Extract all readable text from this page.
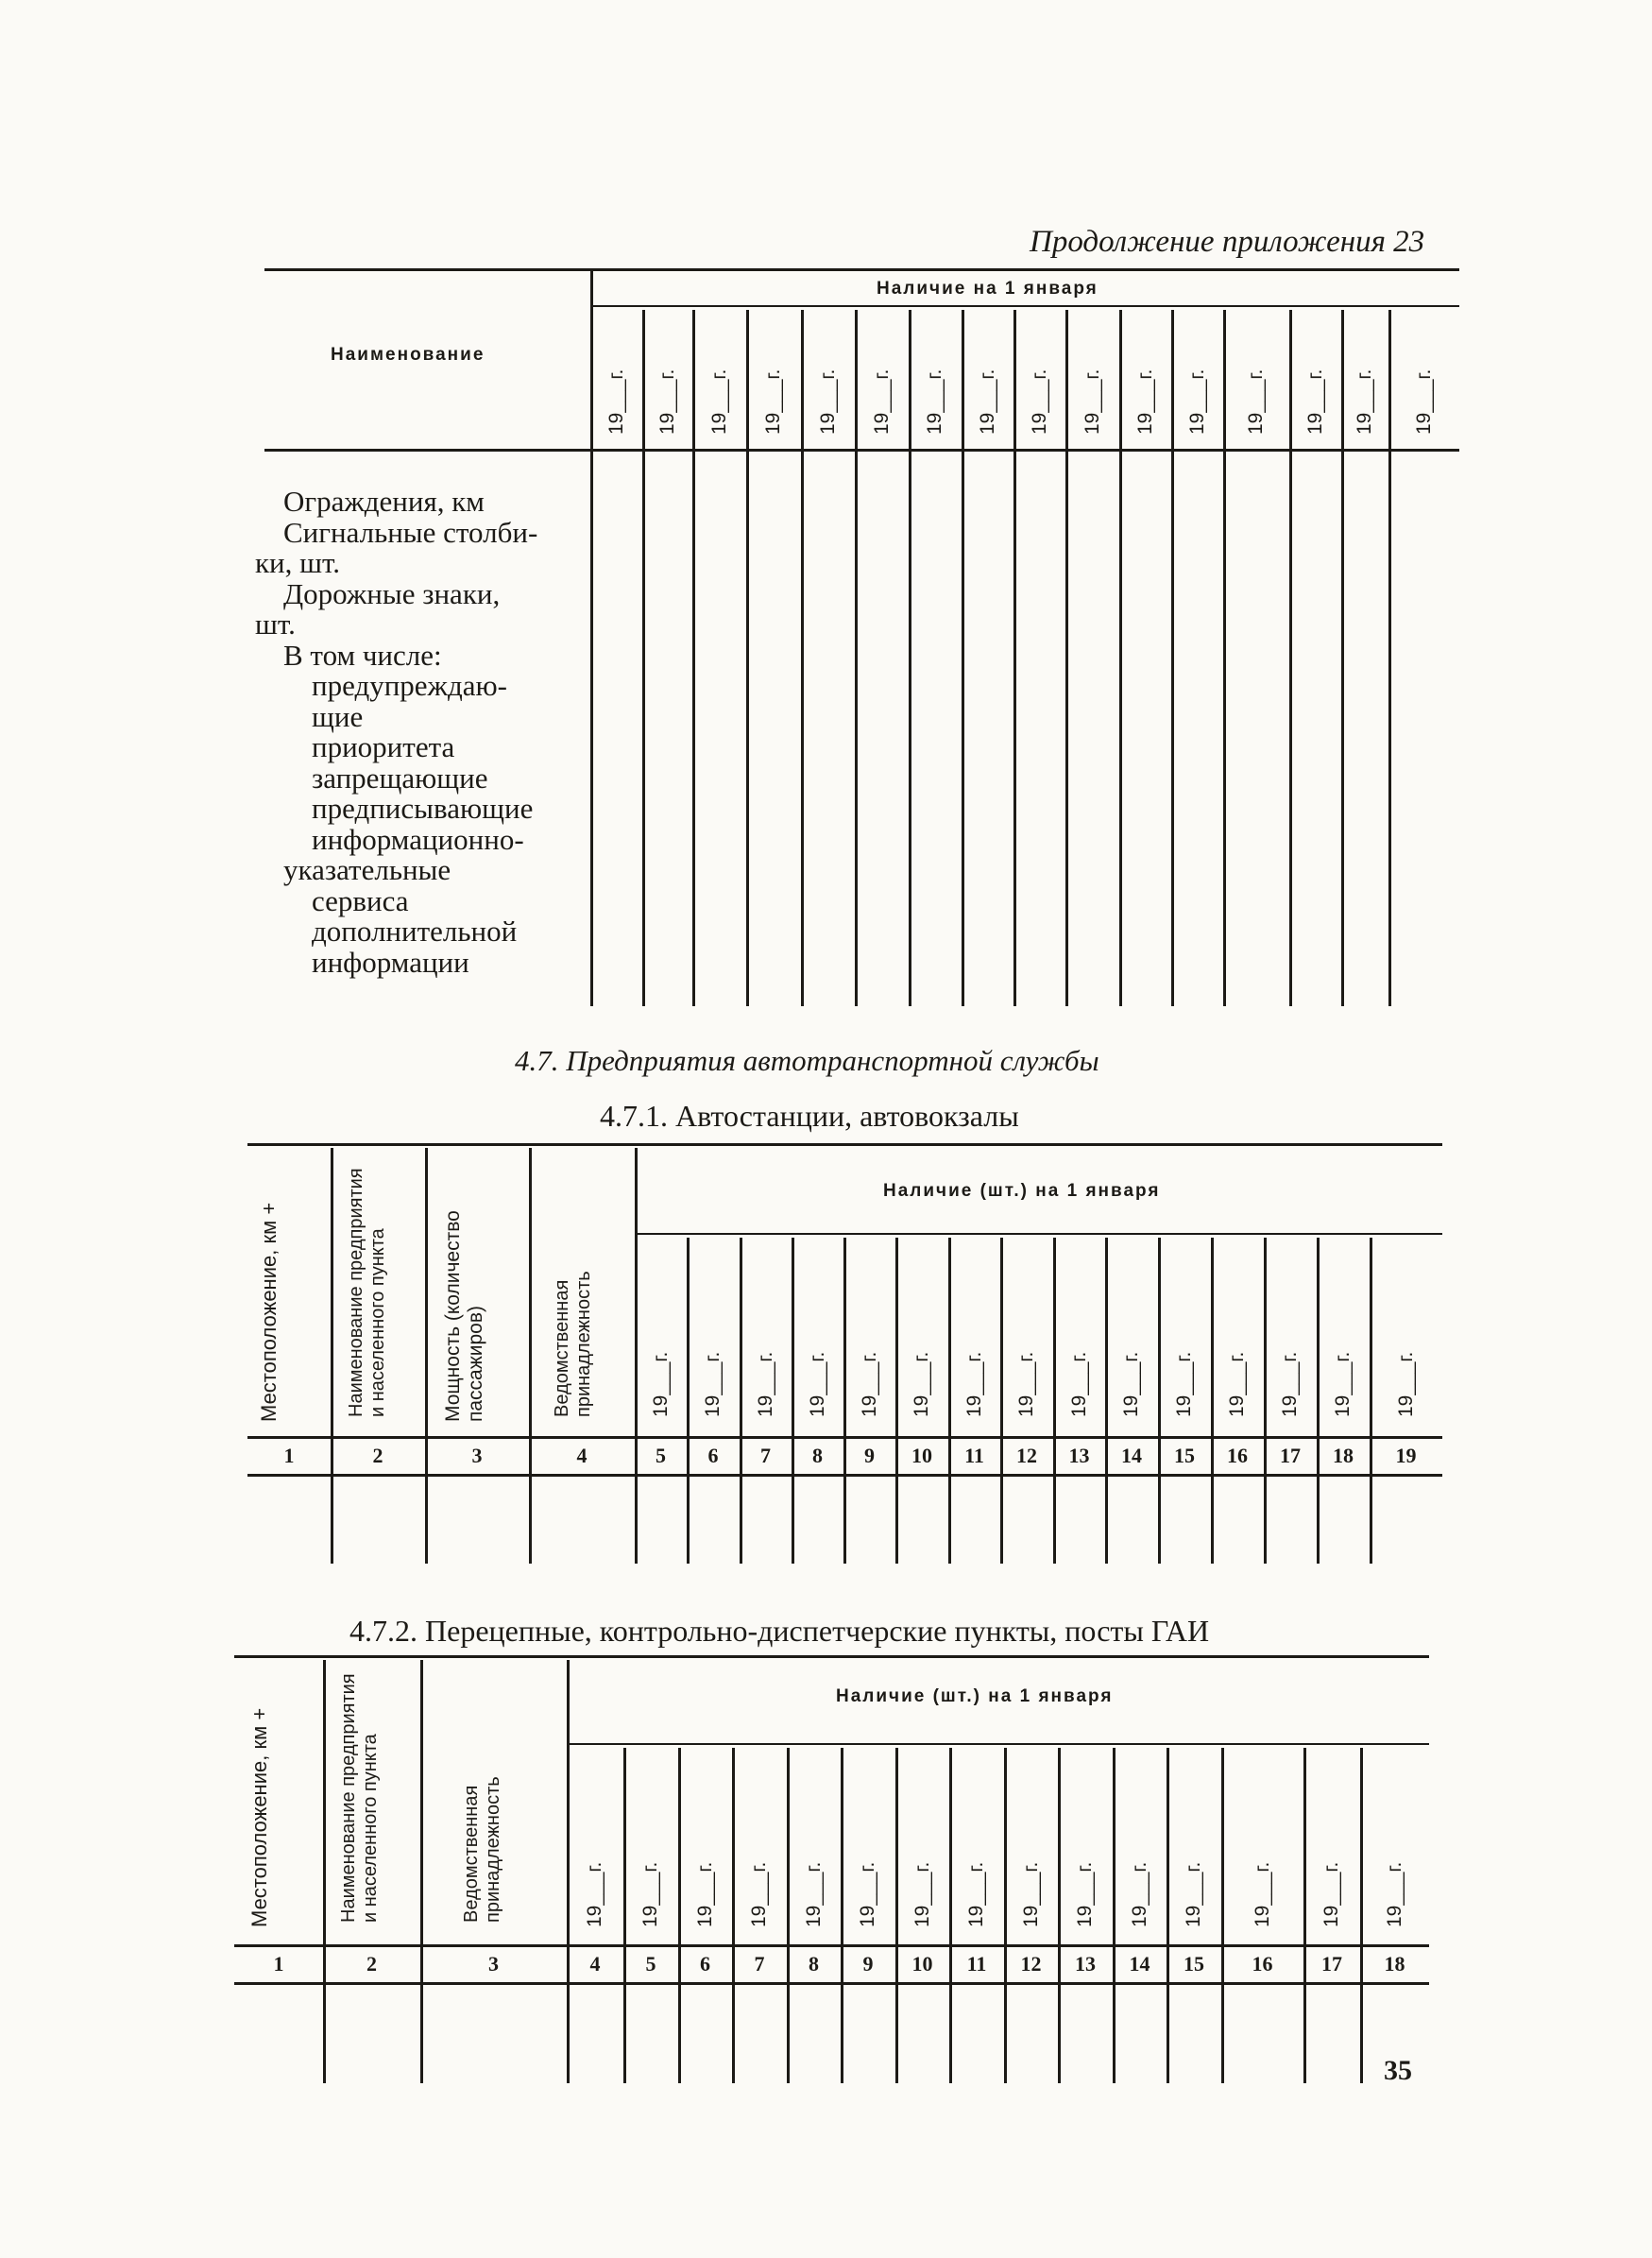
Продолжение приложения 23
Наименование
Наличие на 1 января
19___г. 19___г. 19___г. 19___г. 19___г. 19___г. 19___г. 19___г. 19___г. 19___г. 19___г. 19___г. 19___г. 19___г. 19___г. 19___г.
Ограждения, км
Сигнальные столби-
ки, шт.
Дорожные знаки,
шт.
В том числе:
предупреждаю-
щие
приоритета
запрещающие
предписывающие
информационно-
указательные
сервиса
дополнительной
информации
4.7. Предприятия автотранспортной службы
4.7.1. Автостанции, автовокзалы
Наличие (шт.) на 1 января
Местоположение, км +	Наименование предприятия и населенного пункта	Мощность (количество пассажиров)	Ведомственная принадлежность	19___г. 19___г. 19___г. 19___г. 19___г. 19___г. 19___г. 19___г. 19___г. 19___г. 19___г. 19___г. 19___г. 19___г. 19___г.
1	2	3	4	5	6	7	8	9	10	11	12	13	14	15	16	17	18	19
4.7.2. Перецепные, контрольно-диспетчерские пункты, посты ГАИ
Наличие (шт.) на 1 января
Местоположение, км +	Наименование предприятия и населенного пункта	Ведомственная принадлежность	19___г. 19___г. 19___г. 19___г. 19___г. 19___г. 19___г. 19___г. 19___г. 19___г. 19___г. 19___г. 19___г. 19___г. 19___г.
1	2	3	4	5	6	7	8	9	10	11	12	13	14	15	16	17	18
35
